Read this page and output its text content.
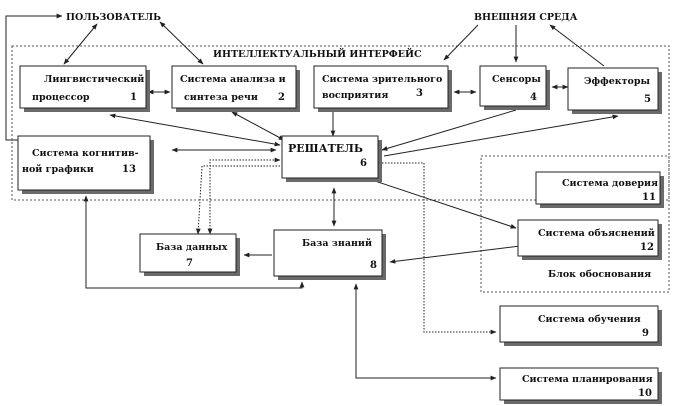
ПОЛЬЗОВАТЕЛЬ	ВНЕШНЯЯ СРЕДА
ИНТЕЛЛЕКТУАЛЬНЫЙ ИНТЕРФЕЙС
Блок обоснования
Лингвистический
процессор	1
Система анализа и
синтеза речи 2
Система зрительного
восприятия	3
Сенсоры
4
Эффекторы
5
Система когнитив-
ной графики	13
РЕШАТЕЛЬ
6
Система доверия
11
Система объяснений
12
База данных
7
База знаний
8
Система обучения
9
Система планирования
10
